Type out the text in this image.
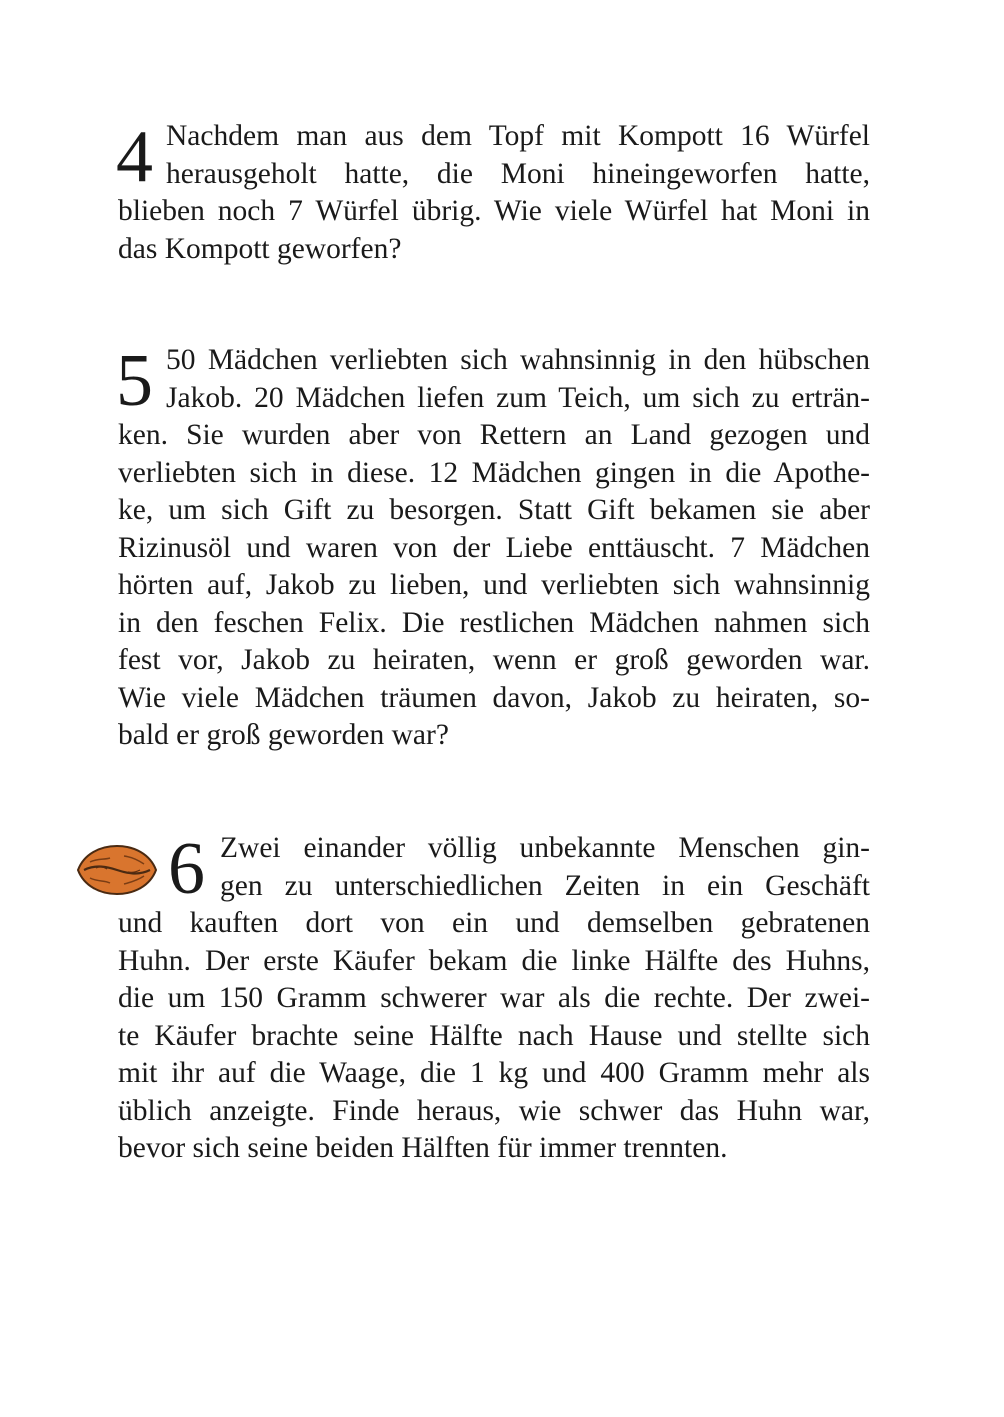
4 Nachdem man aus dem Topf mit Kompott 16 Würfel
herausgeholt hatte, die Moni hineingeworfen hatte,
blieben noch 7 Würfel übrig. Wie viele Würfel hat Moni in
das Kompott geworfen?
5 50 Mädchen verliebten sich wahnsinnig in den hübschen
Jakob. 20 Mädchen liefen zum Teich, um sich zu erträn-
ken. Sie wurden aber von Rettern an Land gezogen und
verliebten sich in diese. 12 Mädchen gingen in die Apothe-
ke, um sich Gift zu besorgen. Statt Gift bekamen sie aber
Rizinusöl und waren von der Liebe enttäuscht. 7 Mädchen
hörten auf, Jakob zu lieben, und verliebten sich wahnsinnig
in den feschen Felix. Die restlichen Mädchen nahmen sich
fest vor, Jakob zu heiraten, wenn er groß geworden war.
Wie viele Mädchen träumen davon, Jakob zu heiraten, so-
bald er groß geworden war?
6 Zwei einander völlig unbekannte Menschen gin-
gen zu unterschiedlichen Zeiten in ein Geschäft
und kauften dort von ein und demselben gebratenen
Huhn. Der erste Käufer bekam die linke Hälfte des Huhns,
die um 150 Gramm schwerer war als die rechte. Der zwei-
te Käufer brachte seine Hälfte nach Hause und stellte sich
mit ihr auf die Waage, die 1 kg und 400 Gramm mehr als
üblich anzeigte. Finde heraus, wie schwer das Huhn war,
bevor sich seine beiden Hälften für immer trennten.
